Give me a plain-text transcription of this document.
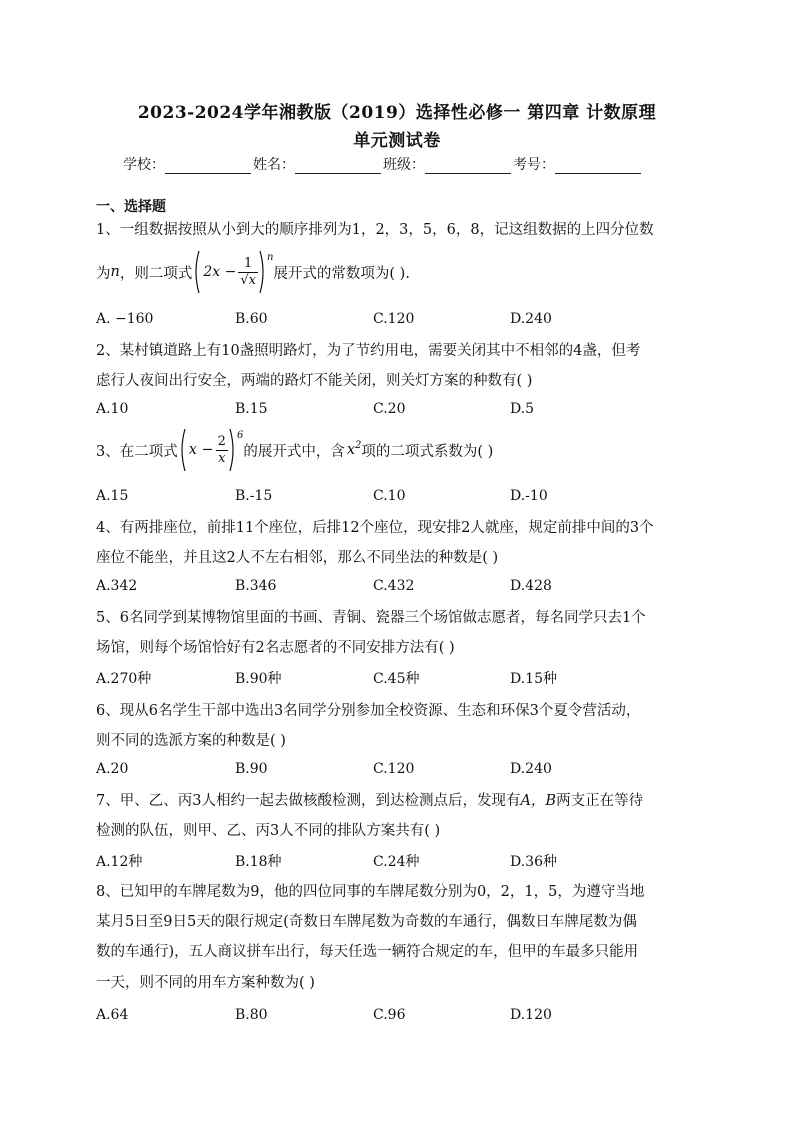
2023-2024学年湘教版（2019）选择性必修一 第四章 计数原理
单元测试卷
学校：	姓名：	班级：	考号：
一、选择题
1、一组数据按照从小到大的顺序排列为1，2，3，5，6，8，记这组数据的上四分位数
为 n ，则二项式 $2x - \frac{1}{√x}$ n
展开式的常数项为( ).
A. −160	B.60	C.120	D.240
2、某村镇道路上有10盏照明路灯，为了节约用电，需要关闭其中不相邻的4盏，但考
虑行人夜间出行安全，两端的路灯不能关闭，则关灯方案的种数有( )
A.10	B.15	C.20	D.5
3、在二项式 $x - \frac{2}{x} 6$
的展开式中，含 x 2 项的二项式系数为( )
A.15	B.-15	C.10	D.-10
4、有两排座位，前排11个座位，后排12个座位，现安排2人就座，规定前排中间的3个
座位不能坐，并且这2人不左右相邻，那么不同坐法的种数是( )
A.342	B.346	C.432	D.428
5、6名同学到某博物馆里面的书画、青铜、瓷器三个场馆做志愿者，每名同学只去1个
场馆，则每个场馆恰好有2名志愿者的不同安排方法有( )
A.270种	B.90种	C.45种	D.15种
6、现从6名学生干部中选出3名同学分别参加全校资源、生态和环保3个夏令营活动，
则不同的选派方案的种数是( )
A.20	B.90	C.120	D.240
7、甲、乙、丙3人相约一起去做核酸检测，到达检测点后，发现有A，B两支正在等待
检测的队伍，则甲、乙、丙3人不同的排队方案共有( )
A.12种	B.18种	C.24种	D.36种
8、已知甲的车牌尾数为9，他的四位同事的车牌尾数分别为0，2，1，5，为遵守当地
某月5日至9日5天的限行规定(奇数日车牌尾数为奇数的车通行，偶数日车牌尾数为偶
数的车通行)，五人商议拼车出行，每天任选一辆符合规定的车，但甲的车最多只能用
一天，则不同的用车方案种数为( )
A.64	B.80	C.96	D.120
